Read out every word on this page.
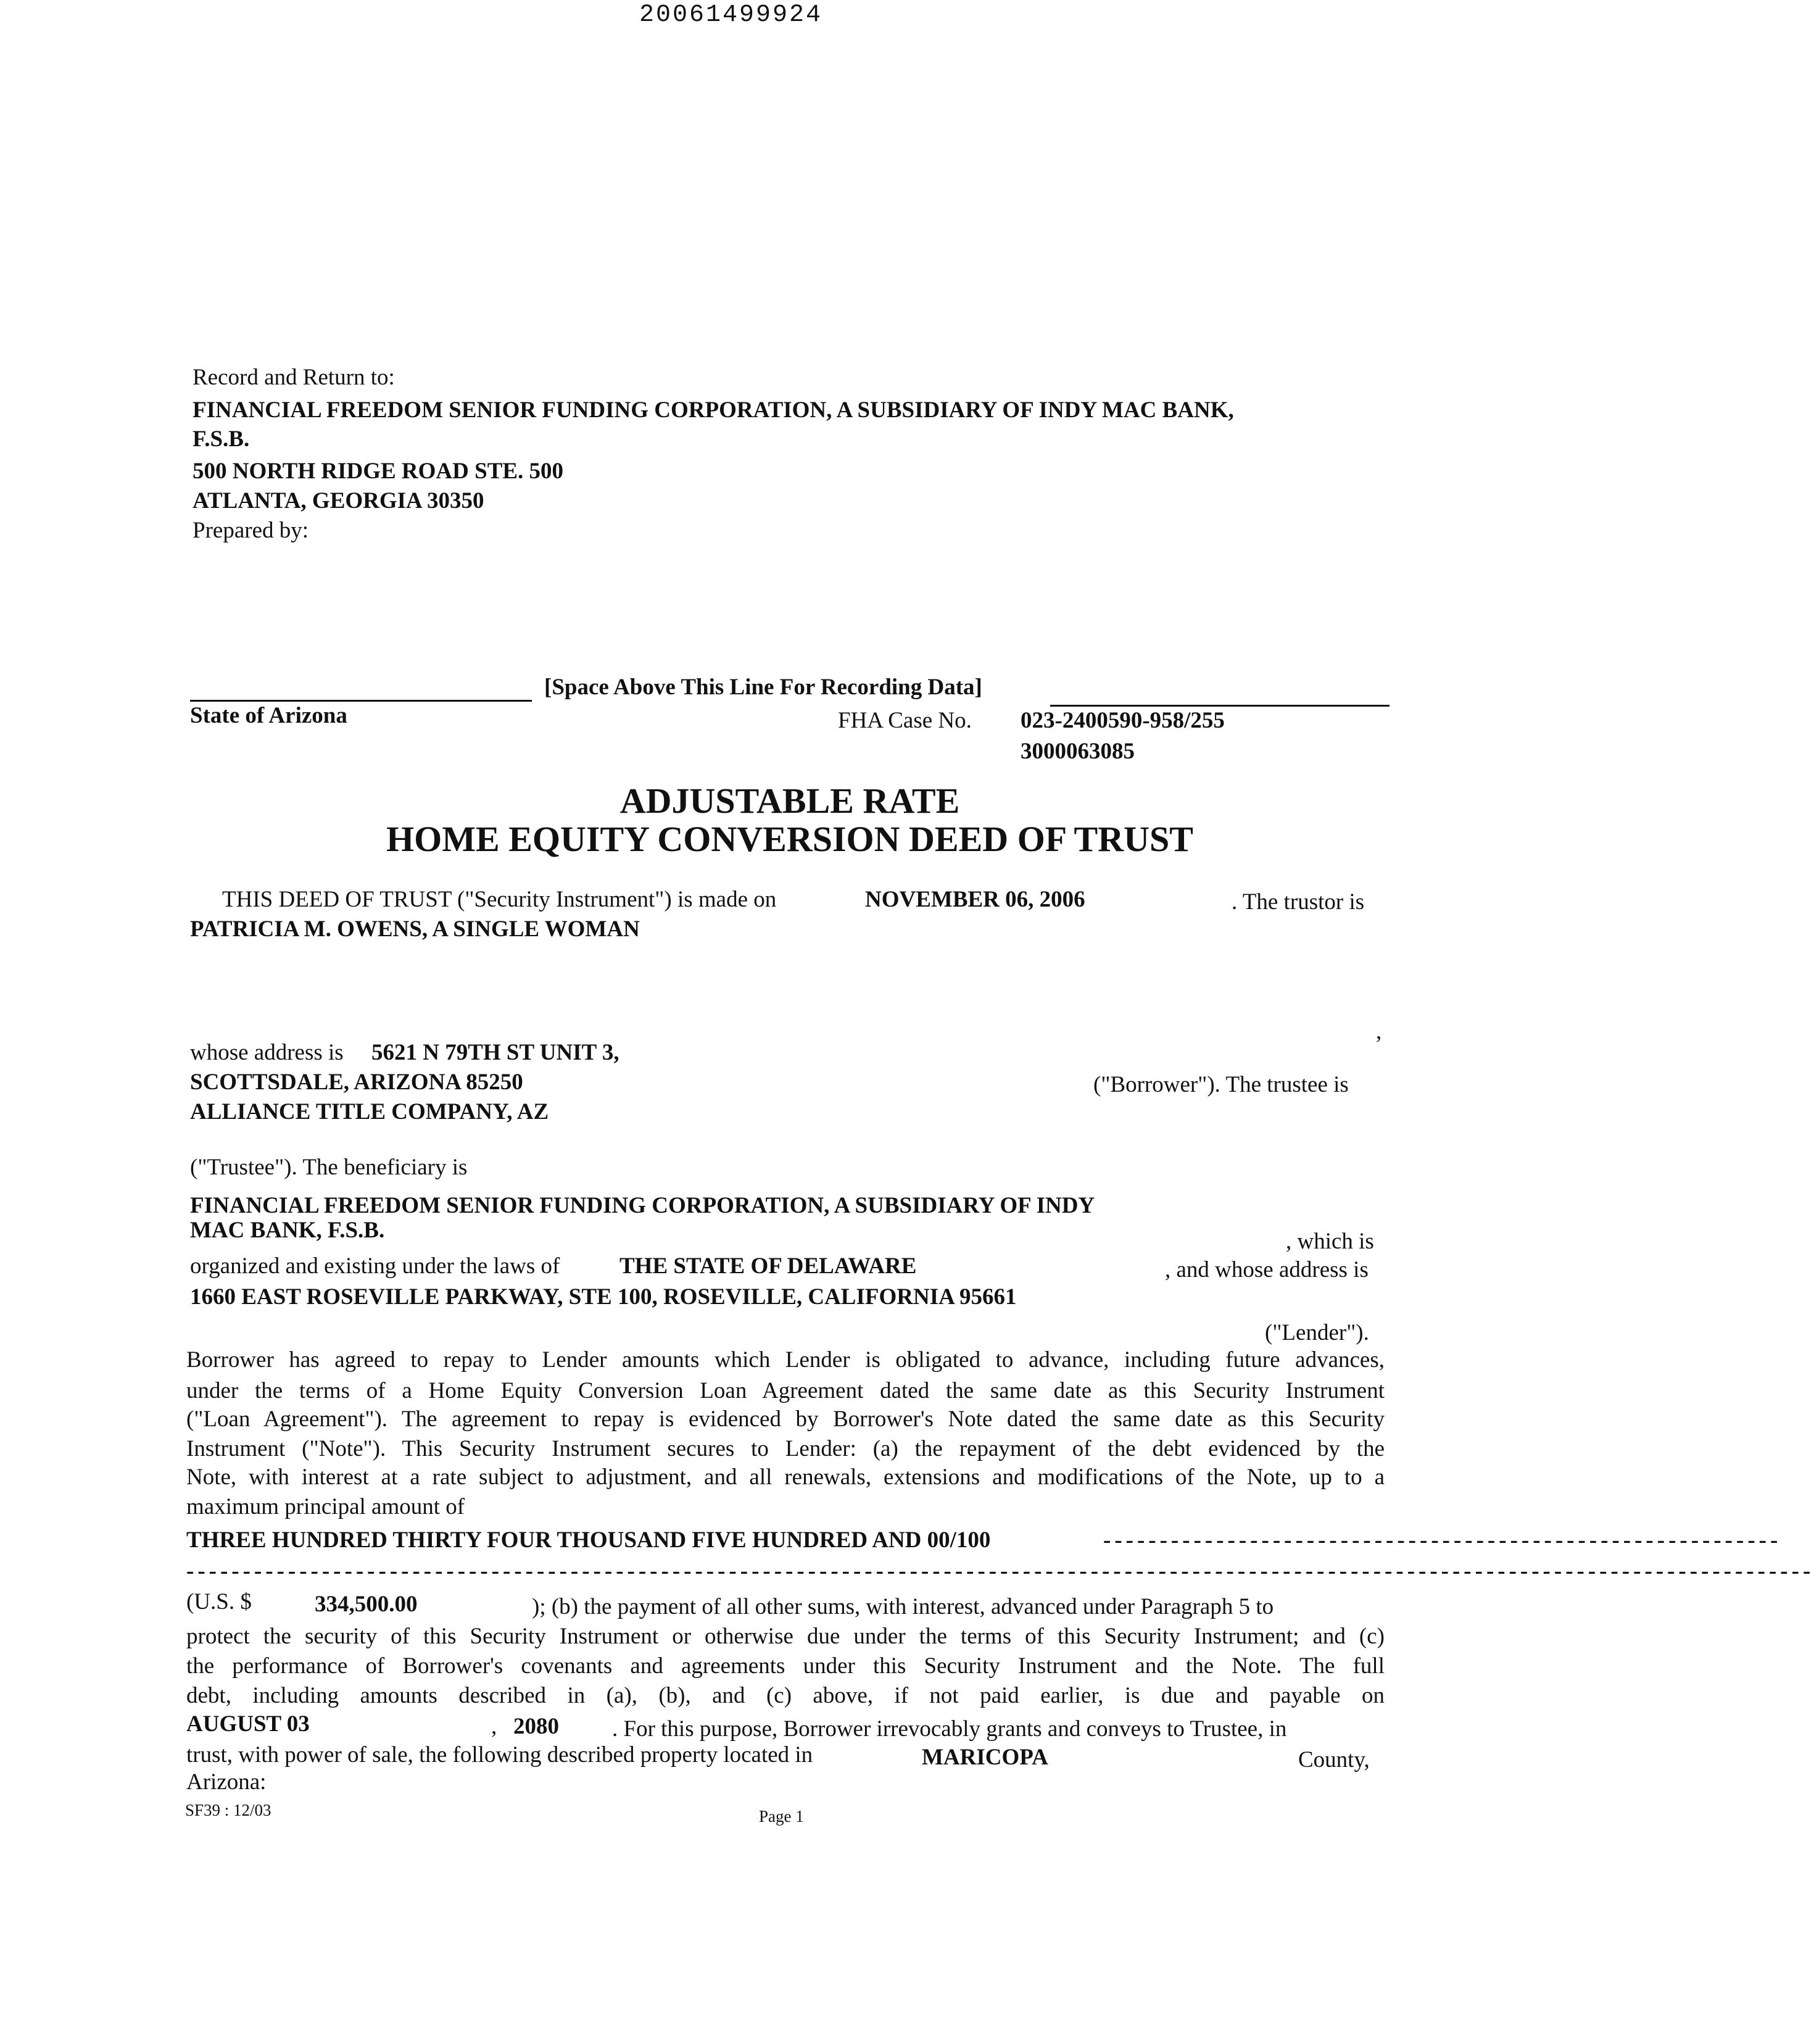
20061499924
Record and Return to:
FINANCIAL FREEDOM SENIOR FUNDING CORPORATION, A SUBSIDIARY OF INDY MAC BANK,
F.S.B.
500 NORTH RIDGE ROAD STE. 500
ATLANTA, GEORGIA 30350
Prepared by:
[Space Above This Line For Recording Data]
State of Arizona	FHA Case No. 023-2400590-958/255
3000063085
ADJUSTABLE RATE
HOME EQUITY CONVERSION DEED OF TRUST
THIS DEED OF TRUST ("Security Instrument") is made on	NOVEMBER 06, 2006	. The trustor is
PATRICIA M. OWENS, A SINGLE WOMAN
,
whose address is 5621 N 79TH ST UNIT 3,
SCOTTSDALE, ARIZONA 85250	("Borrower"). The trustee is
ALLIANCE TITLE COMPANY, AZ
("Trustee"). The beneficiary is
FINANCIAL FREEDOM SENIOR FUNDING CORPORATION, A SUBSIDIARY OF INDY
MAC BANK, F.S.B.	, which is
organized and existing under the laws of	THE STATE OF DELAWARE	, and whose address is
1660 EAST ROSEVILLE PARKWAY, STE 100, ROSEVILLE, CALIFORNIA 95661
("Lender").
Borrower has agreed to repay to Lender amounts which Lender is obligated to advance, including future advances,
under the terms of a Home Equity Conversion Loan Agreement dated the same date as this Security Instrument
("Loan Agreement"). The agreement to repay is evidenced by Borrower's Note dated the same date as this Security
Instrument ("Note"). This Security Instrument secures to Lender: (a) the repayment of the debt evidenced by the
Note, with interest at a rate subject to adjustment, and all renewals, extensions and modifications of the Note, up to a
maximum principal amount of
THREE HUNDRED THIRTY FOUR THOUSAND FIVE HUNDRED AND 00/100	------------------------------------------------------------
------------------------------------------------------------------------------------------------------------------------------------------------
(U.S. $	334,500.00	); (b) the payment of all other sums, with interest, advanced under Paragraph 5 to
protect the security of this Security Instrument or otherwise due under the terms of this Security Instrument; and (c)
the performance of Borrower's covenants and agreements under this Security Instrument and the Note. The full
debt, including amounts described in (a), (b), and (c) above, if not paid earlier, is due and payable on
AUGUST 03	, 2080 . For this purpose, Borrower irrevocably grants and conveys to Trustee, in
trust, with power of sale, the following described property located in	MARICOPA	County,
Arizona:
SF39 : 12/03	Page 1
